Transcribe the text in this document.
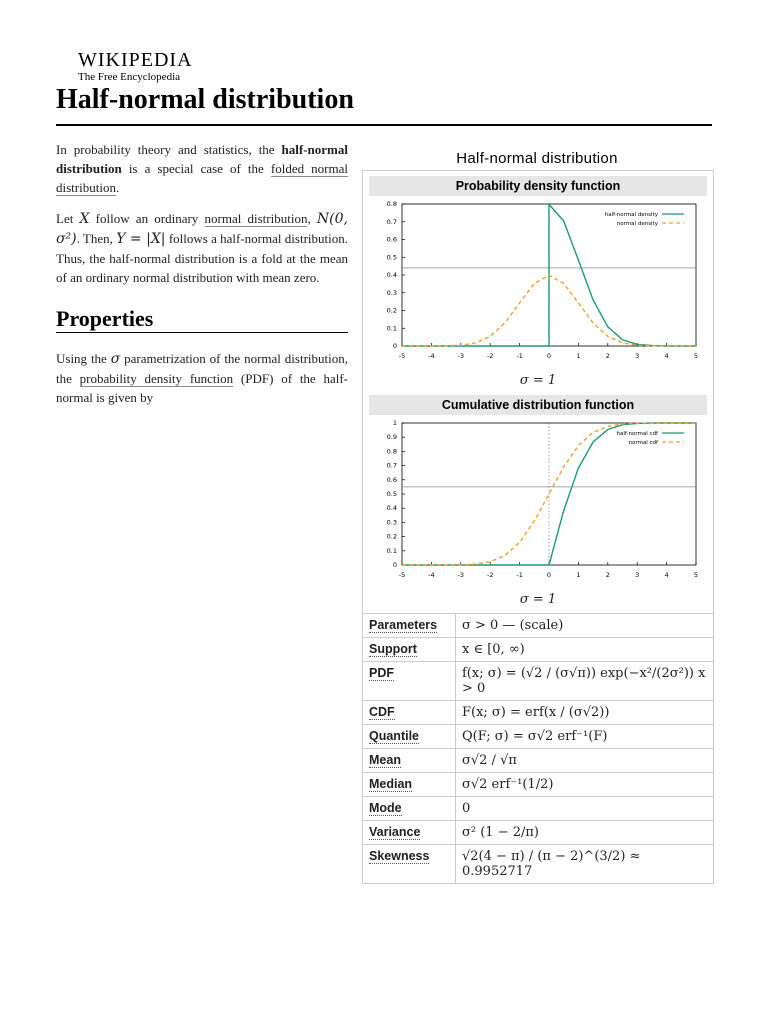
WIKIPEDIA
The Free Encyclopedia
Half-normal distribution

In probability theory and statistics, the half-normal distribution is a special case of the folded normal distribution.

Let X follow an ordinary normal distribution, N(0, σ²). Then, Y = |X| follows a half-normal distribution. Thus, the half-normal distribution is a fold at the mean of an ordinary normal distribution with mean zero.

Properties

Using the σ parametrization of the normal distribution, the probability density function (PDF) of the half-normal is given by

Half-normal distribution
Probability density function
-5	-4	-3	-2	-1	0	1	2	3	4	5
0
0.1
0.2
0.3
0.4
0.5
0.6
0.7
0.8
half-normal density
normal density
σ = 1
Cumulative distribution function
-5	-4	-3	-2	-1	0	1	2	3	4	5
0
0.1
0.2
0.3
0.4
0.5
0.6
0.7
0.8
0.9
1
half-normal cdf
normal cdf
σ = 1
Parameters	σ > 0 — (scale)
Support	x ∈ [0, ∞)
PDF	f(x; σ) = (√2 / (σ√π)) exp(−x²/(2σ²)) x > 0
CDF	F(x; σ) = erf(x / (σ√2))
Quantile	Q(F; σ) = σ√2 erf⁻¹(F)
Mean	σ√2 / √π
Median	σ√2 erf⁻¹(1/2)
Mode	0
Variance	σ² (1 − 2/π)
Skewness	√2(4 − π) / (π − 2)^(3/2) ≈ 0.9952717
